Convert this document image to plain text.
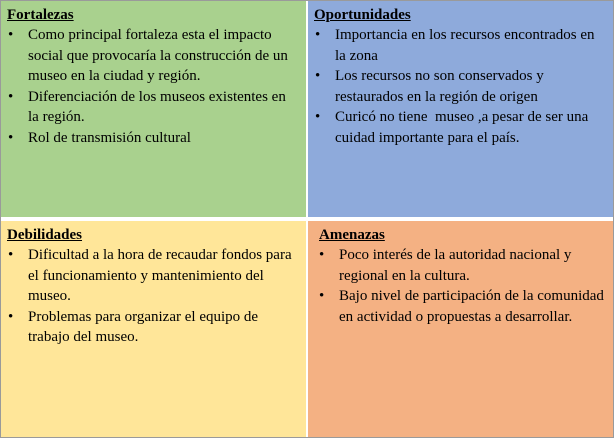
Fortalezas

• Como principal fortaleza esta el impacto social que provocaría la construcción de un museo en la ciudad y región.
• Diferenciación de los museos existentes en la región.
• Rol de transmisión cultural

Oportunidades

• Importancia en los recursos encontrados en la zona
• Los recursos no son conservados y restaurados en la región de origen
• Curicó no tiene  museo ,a pesar de ser una cuidad importante para el país.

Debilidades

• Dificultad a la hora de recaudar fondos para el funcionamiento y mantenimiento del museo.
• Problemas para organizar el equipo de trabajo del museo.

Amenazas

• Poco interés de la autoridad nacional y regional en la cultura.
• Bajo nivel de participación de la comunidad en actividad o propuestas a desarrollar.
